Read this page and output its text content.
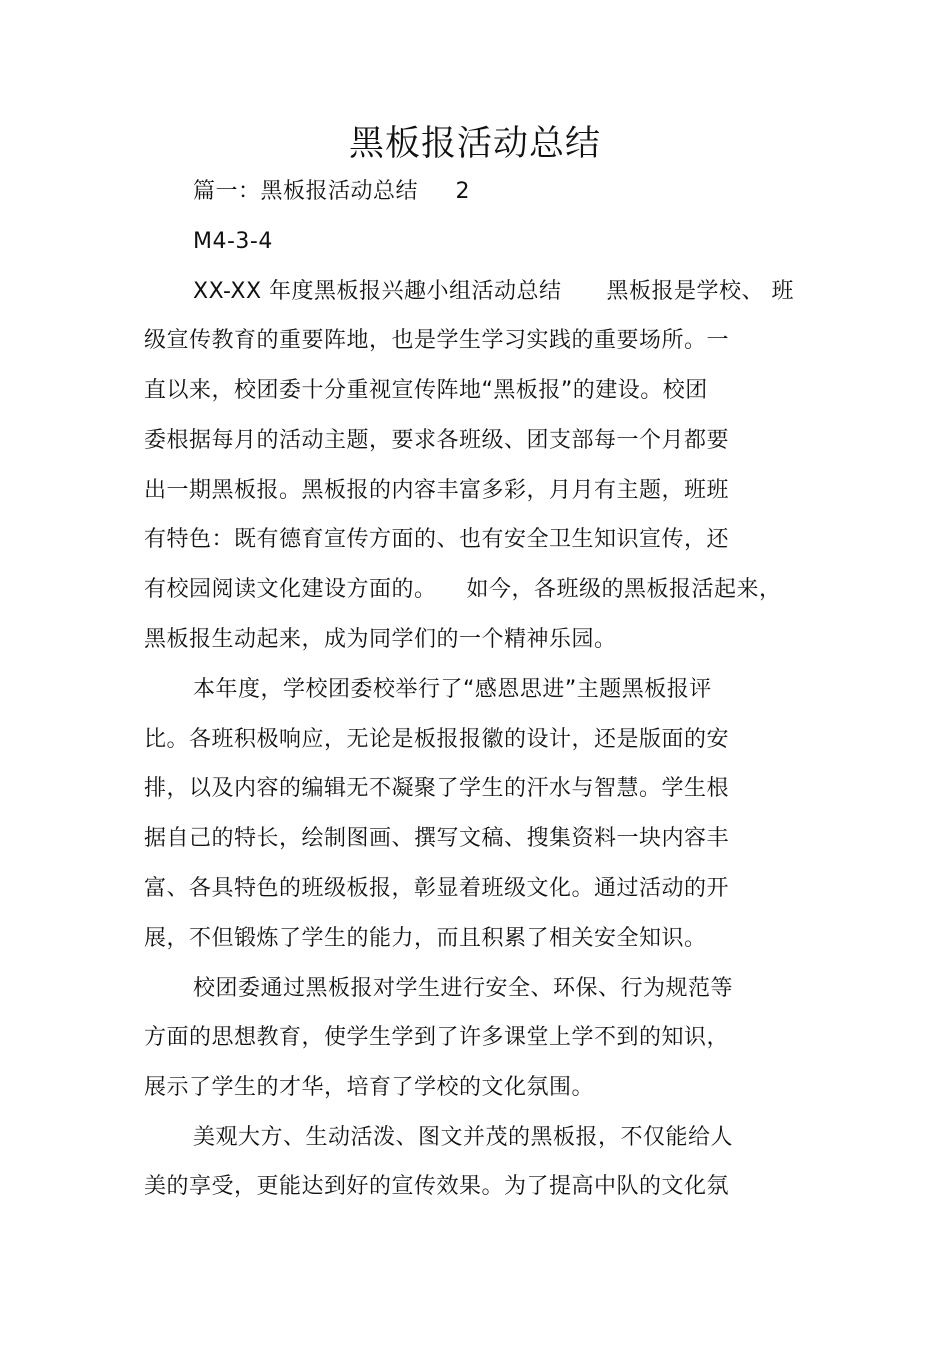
黑板报活动总结
篇一：黑板报活动总结     2
M4-3-4
XX-XX 年度黑板报兴趣小组活动总结      黑板报是学校、 班
级宣传教育的重要阵地，也是学生学习实践的重要场所。一
直以来，校团委十分重视宣传阵地“黑板报”的建设。校团
委根据每月的活动主题，要求各班级、团支部每一个月都要
出一期黑板报。黑板报的内容丰富多彩，月月有主题，班班
有特色：既有德育宣传方面的、也有安全卫生知识宣传，还
有校园阅读文化建设方面的。    如今，各班级的黑板报活起来，
黑板报生动起来，成为同学们的一个精神乐园。
本年度，学校团委校举行了“感恩思进”主题黑板报评
比。各班积极响应，无论是板报报徽的设计，还是版面的安
排，以及内容的编辑无不凝聚了学生的汗水与智慧。学生根
据自己的特长，绘制图画、撰写文稿、搜集资料一块内容丰
富、各具特色的班级板报，彰显着班级文化。通过活动的开
展，不但锻炼了学生的能力，而且积累了相关安全知识。
校团委通过黑板报对学生进行安全、环保、行为规范等
方面的思想教育，使学生学到了许多课堂上学不到的知识，
展示了学生的才华，培育了学校的文化氛围。
美观大方、生动活泼、图文并茂的黑板报，不仅能给人
美的享受，更能达到好的宣传效果。为了提高中队的文化氛
